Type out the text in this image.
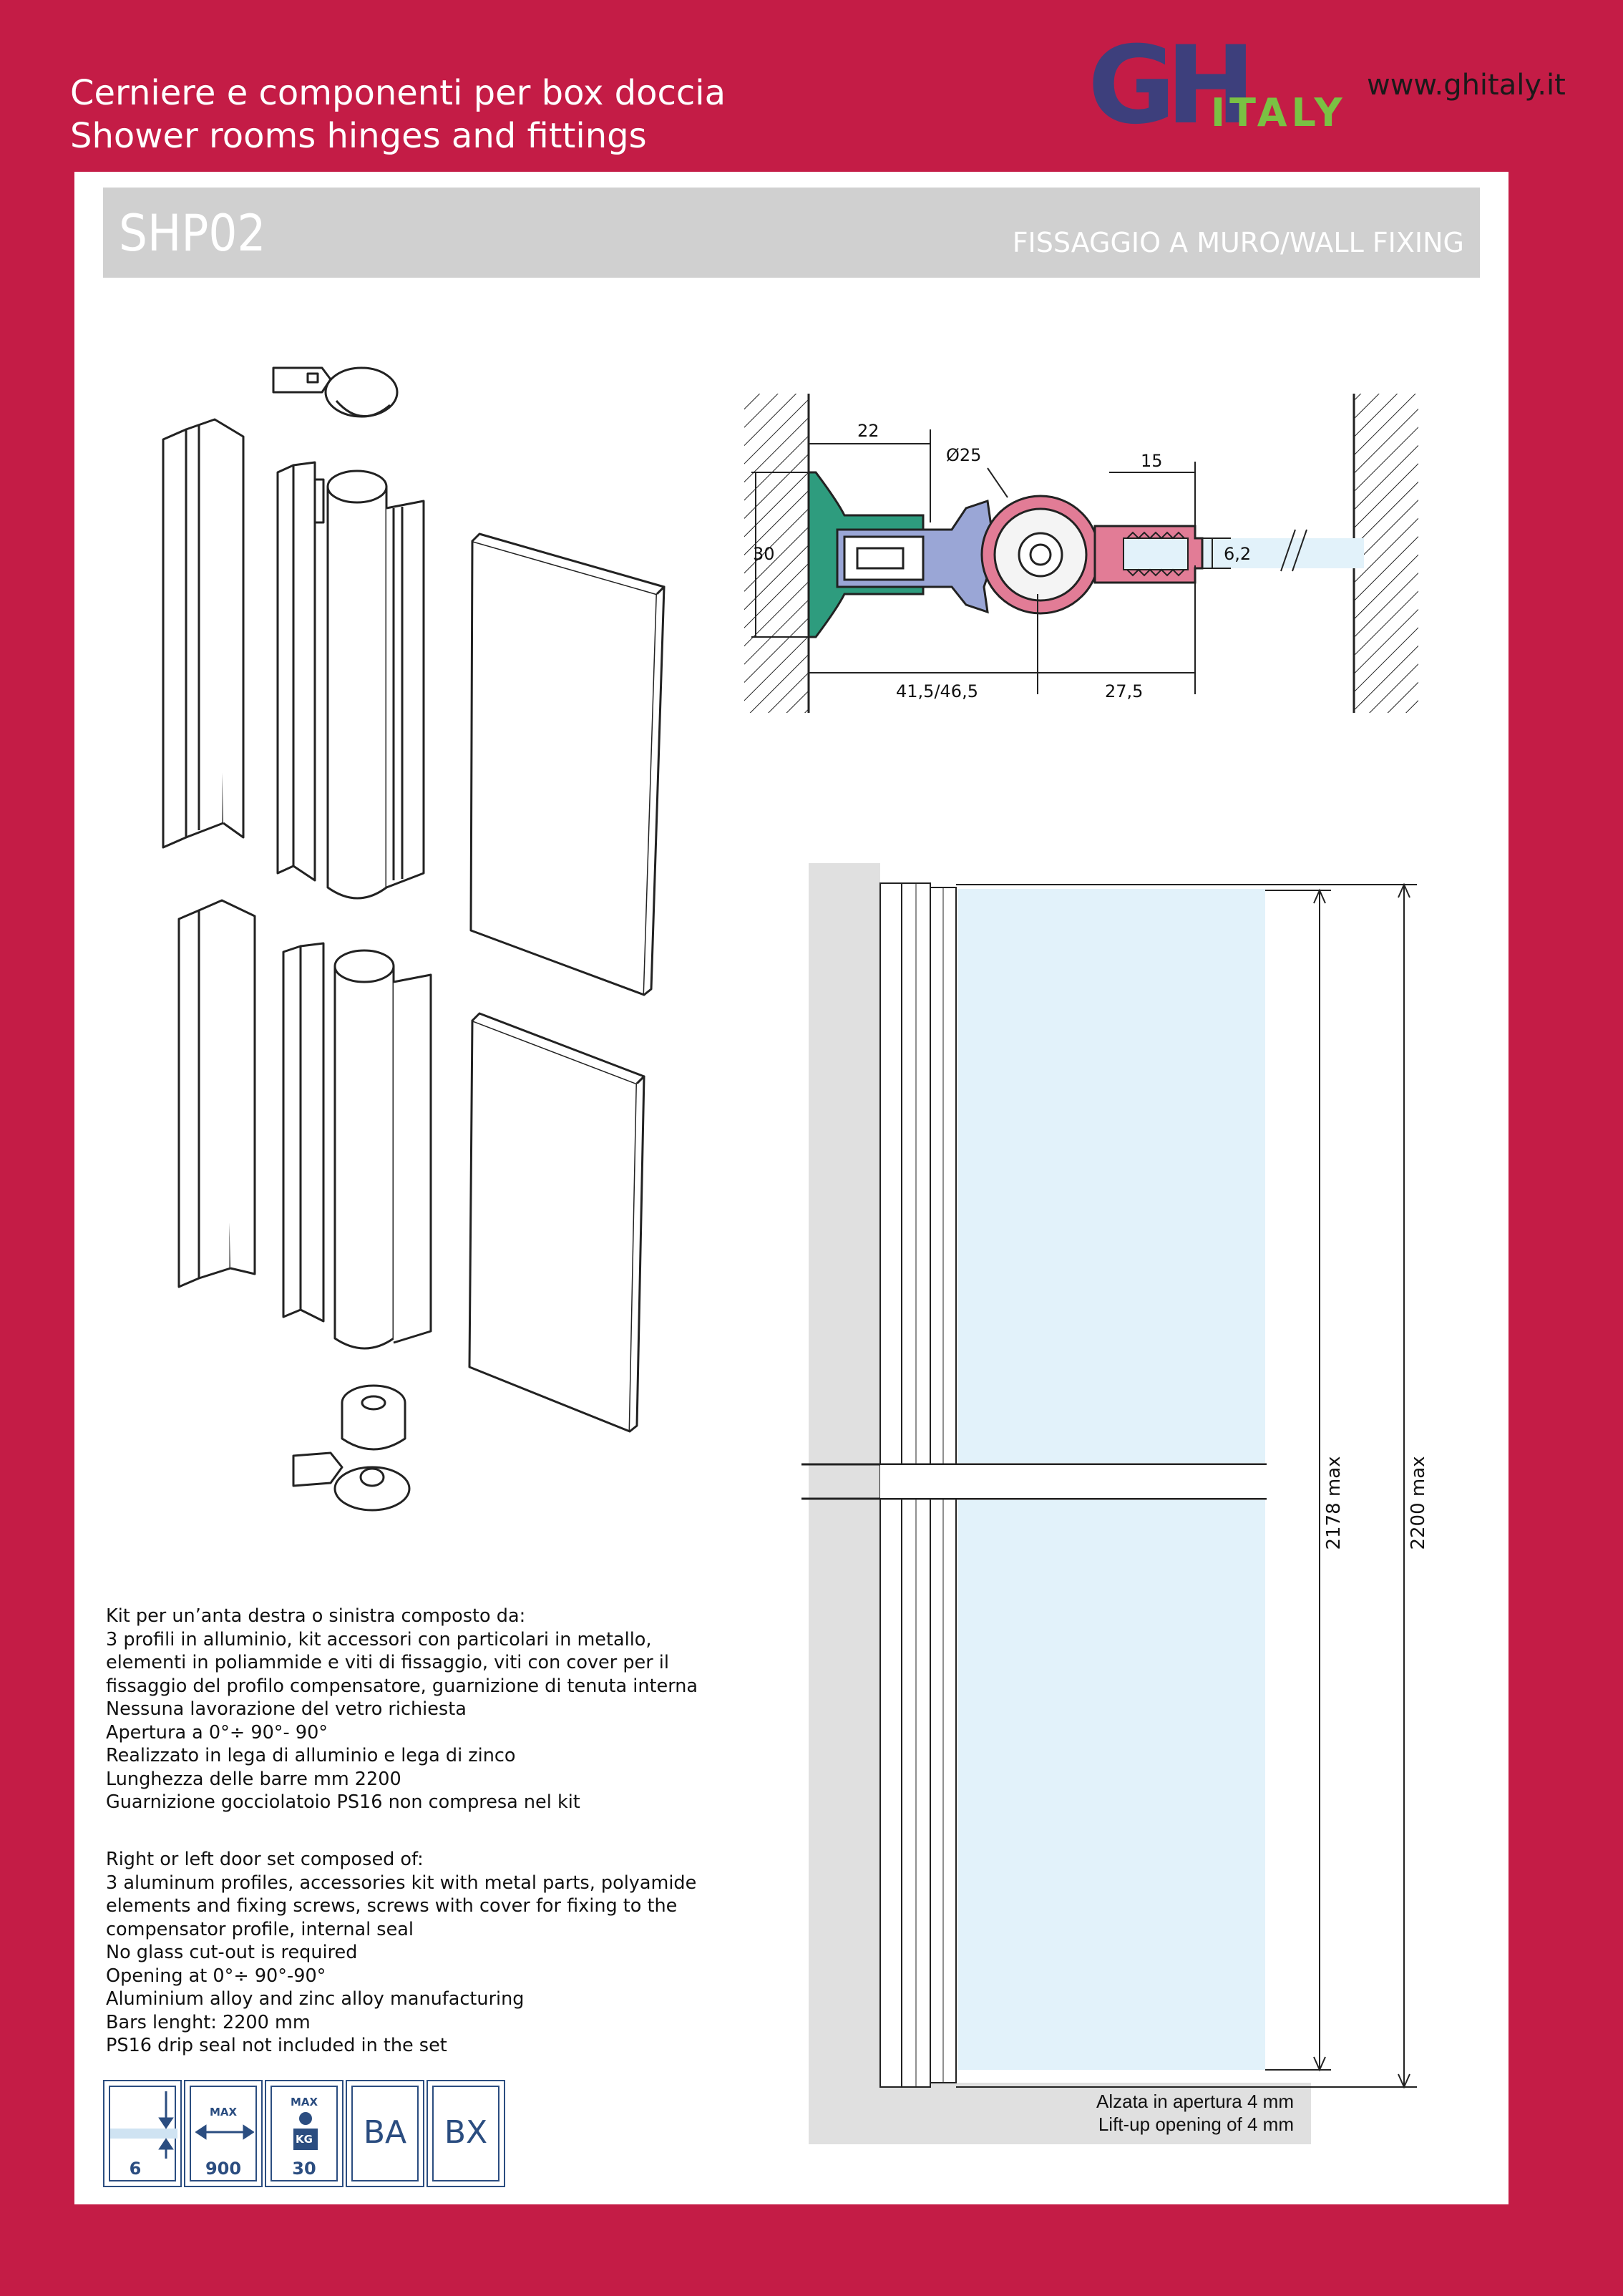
Cerniere e componenti per box doccia
Shower rooms hinges and fittings	GH
ITALY
www.ghitaly.it
SHP02	FISSAGGIO A MURO/WALL FIXING
22
Ø25	15
30	6,2
41,5/46,5	27,5
2178 max	2200 max
Alzata in apertura 4 mm
Lift-up opening of 4 mm
Kit per un’anta destra o sinistra composto da:
3 profili in alluminio, kit accessori con particolari in metallo,
elementi in poliammide e viti di fissaggio, viti con cover per il
fissaggio del profilo compensatore, guarnizione di tenuta interna
Nessuna lavorazione del vetro richiesta
Apertura a 0°÷ 90°- 90°
Realizzato in lega di alluminio e lega di zinco
Lunghezza delle barre mm 2200
Guarnizione gocciolatoio PS16 non compresa nel kit
Right or left door set composed of:
3 aluminum profiles, accessories kit with metal parts, polyamide
elements and fixing screws, screws with cover for fixing to the
compensator profile, internal seal
No glass cut-out is required
Opening at 0°÷ 90°-90°
Aluminium alloy and zinc alloy manufacturing
Bars lenght: 2200 mm
PS16 drip seal not included in the set
6
MAX
900
MAX
KG
30
BA	BX
